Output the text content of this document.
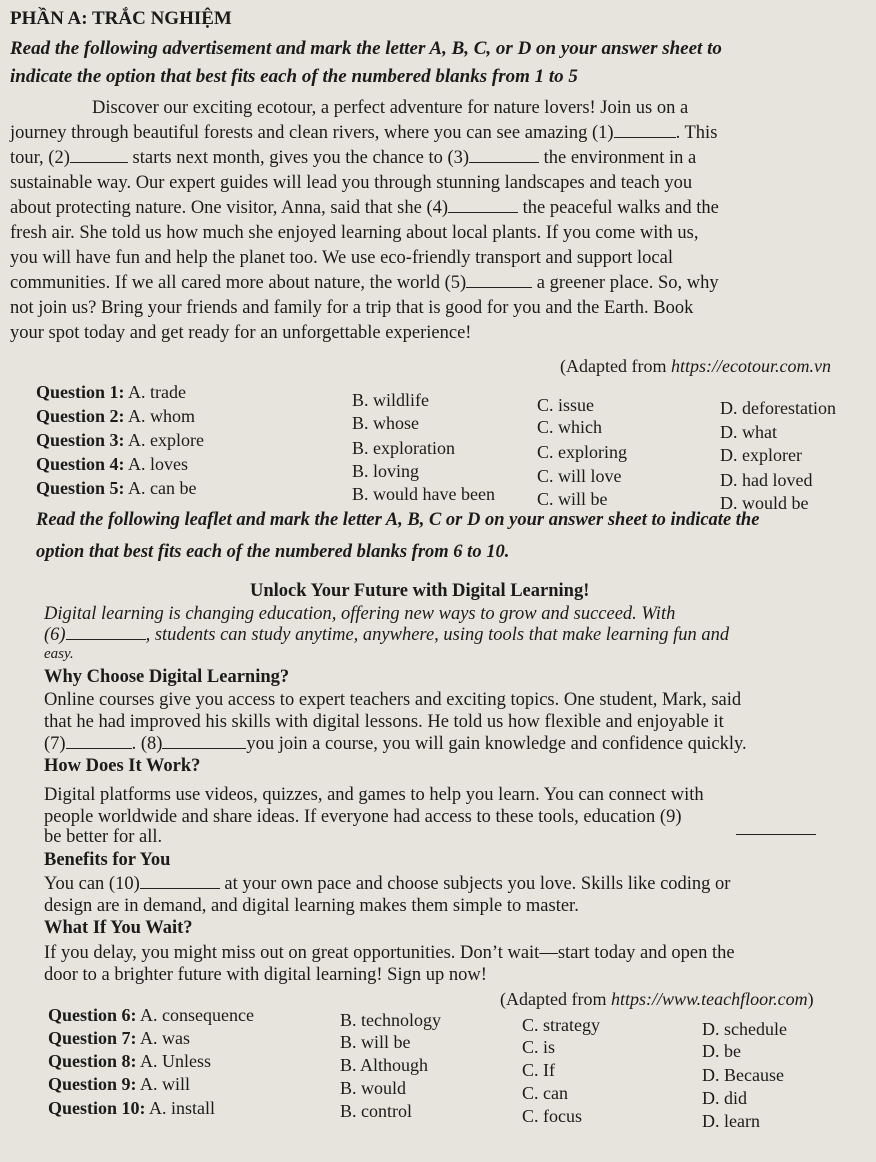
PHẦN A: TRẮC NGHIỆM
Read the following advertisement and mark the letter A, B, C, or D on your answer sheet to
indicate the option that best fits each of the numbered blanks from 1 to 5
Discover our exciting ecotour, a perfect adventure for nature lovers! Join us on a
journey through beautiful forests and clean rivers, where you can see amazing (1)	. This
tour, (2)	starts next month, gives you the chance to (3)	the environment in a
sustainable way. Our expert guides will lead you through stunning landscapes and teach you
about protecting nature. One visitor, Anna, said that she (4)	the peaceful walks and the
fresh air. She told us how much she enjoyed learning about local plants. If you come with us,
you will have fun and help the planet too. We use eco-friendly transport and support local
communities. If we all cared more about nature, the world (5)	a greener place. So, why
not join us? Bring your friends and family for a trip that is good for you and the Earth. Book
your spot today and get ready for an unforgettable experience!
(Adapted from https://ecotour.com.vn
Question 1: A. trade	B. wildlife	C. issue	D. deforestation
Question 2: A. whom	B. whose	C. which	D. what
Question 3: A. explore	B. exploration	C. exploring	D. explorer
Question 4: A. loves	B. loving	C. will love	D. had loved
Question 5: A. can be	B. would have been C. will be	D. would be
Read the following leaflet and mark the letter A, B, C or D on your answer sheet to indicate the
option that best fits each of the numbered blanks from 6 to 10.
Unlock Your Future with Digital Learning!
Digital learning is changing education, offering new ways to grow and succeed. With
(6)	, students can study anytime, anywhere, using tools that make learning fun and
easy.
Why Choose Digital Learning?
Online courses give you access to expert teachers and exciting topics. One student, Mark, said
that he had improved his skills with digital lessons. He told us how flexible and enjoyable it
(7)	. (8)	you join a course, you will gain knowledge and confidence quickly.
How Does It Work?
Digital platforms use videos, quizzes, and games to help you learn. You can connect with
people worldwide and share ideas. If everyone had access to these tools, education (9)
be better for all.
Benefits for You
You can (10)	at your own pace and choose subjects you love. Skills like coding or
design are in demand, and digital learning makes them simple to master.
What If You Wait?
If you delay, you might miss out on great opportunities. Don’t wait—start today and open the
door to a brighter future with digital learning! Sign up now!
(Adapted from https://www.teachfloor.com)
Question 6: A. consequence	B. technology	C. strategy	D. schedule
Question 7: A. was	B. will be	C. is	D. be
Question 8: A. Unless	B. Although	C. If	D. Because
Question 9: A. will	B. would	C. can	D. did
Question 10: A. install	B. control	C. focus	D. learn
